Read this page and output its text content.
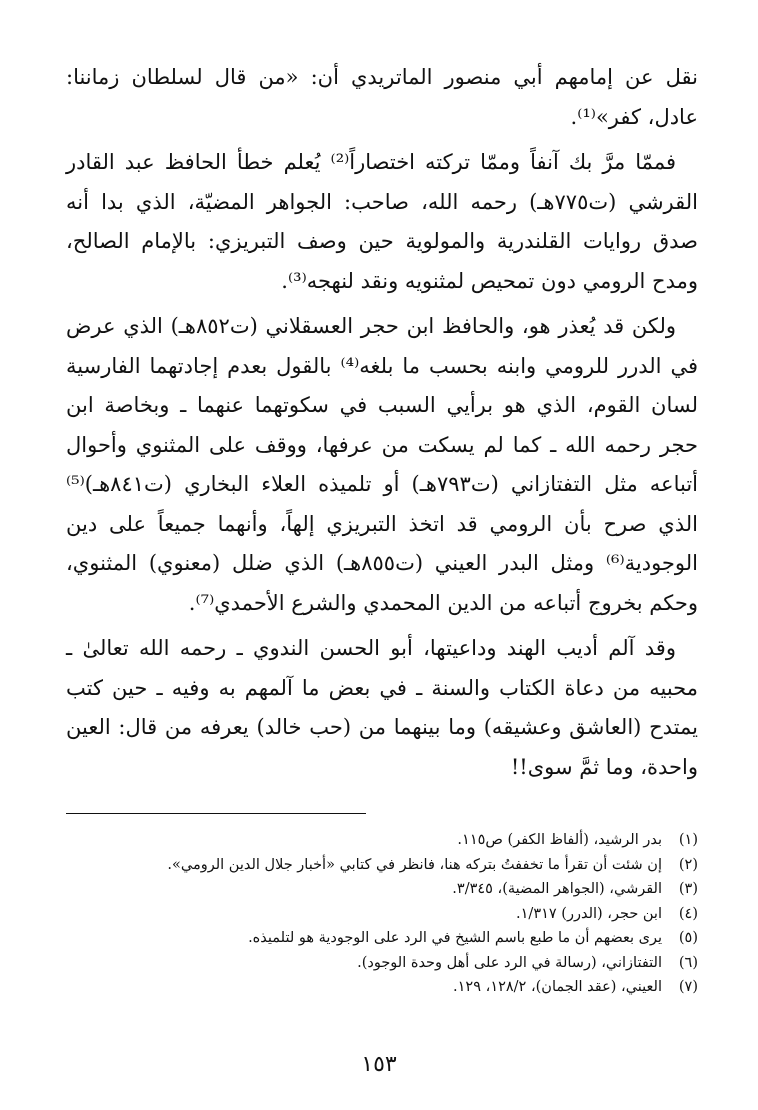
نقل عن إمامهم أبي منصور الماتريدي أن: «من قال لسلطان زماننا: عادل، كفر»⁽¹⁾.

فممّا مرَّ بك آنفاً وممّا تركته اختصاراً⁽²⁾ يُعلم خطأ الحافظ عبد القادر القرشي (ت٧٧٥هـ) رحمه الله، صاحب: الجواهر المضيّة، الذي بدا أنه صدق روايات القلندرية والمولوية حين وصف التبريزي: بالإمام الصالح، ومدح الرومي دون تمحيص لمثنويه ونقد لنهجه⁽³⁾.

ولكن قد يُعذر هو، والحافظ ابن حجر العسقلاني (ت٨٥٢هـ) الذي عرض في الدرر للرومي وابنه بحسب ما بلغه⁽⁴⁾ بالقول بعدم إجادتهما الفارسية لسان القوم، الذي هو برأيي السبب في سكوتهما عنهما ـ وبخاصة ابن حجر رحمه الله ـ كما لم يسكت من عرفها، ووقف على المثنوي وأحوال أتباعه مثل التفتازاني (ت٧٩٣هـ) أو تلميذه العلاء البخاري (ت٨٤١هـ)⁽⁵⁾ الذي صرح بأن الرومي قد اتخذ التبريزي إلهاً، وأنهما جميعاً على دين الوجودية⁽⁶⁾ ومثل البدر العيني (ت٨٥٥هـ) الذي ضلل (معنوي) المثنوي، وحكم بخروج أتباعه من الدين المحمدي والشرع الأحمدي⁽⁷⁾.

وقد آلم أديب الهند وداعيتها، أبو الحسن الندوي ـ رحمه الله تعالىٰ ـ محبيه من دعاة الكتاب والسنة ـ في بعض ما آلمهم به وفيه ـ حين كتب يمتدح (العاشق وعشيقه) وما بينهما من (حب خالد) يعرفه من قال: العين واحدة، وما ثمَّ سوى!!

(١)
بدر الرشيد، (ألفاظ الكفر) ص١١٥.
(٢)
إن شئت أن تقرأ ما تخففتُ بتركه هنا، فانظر في كتابي «أخبار جلال الدين الرومي».
(٣)
القرشي، (الجواهر المضية)، ٣/٣٤٥.
(٤)
ابن حجر، (الدرر) ١/٣١٧.
(٥)
يرى بعضهم أن ما طبع باسم الشيخ في الرد على الوجودية هو لتلميذه.
(٦)
التفتازاني، (رسالة في الرد على أهل وحدة الوجود).
(٧)
العيني، (عقد الجمان)، ١٢٨/٢، ١٢٩.
١٥٣
